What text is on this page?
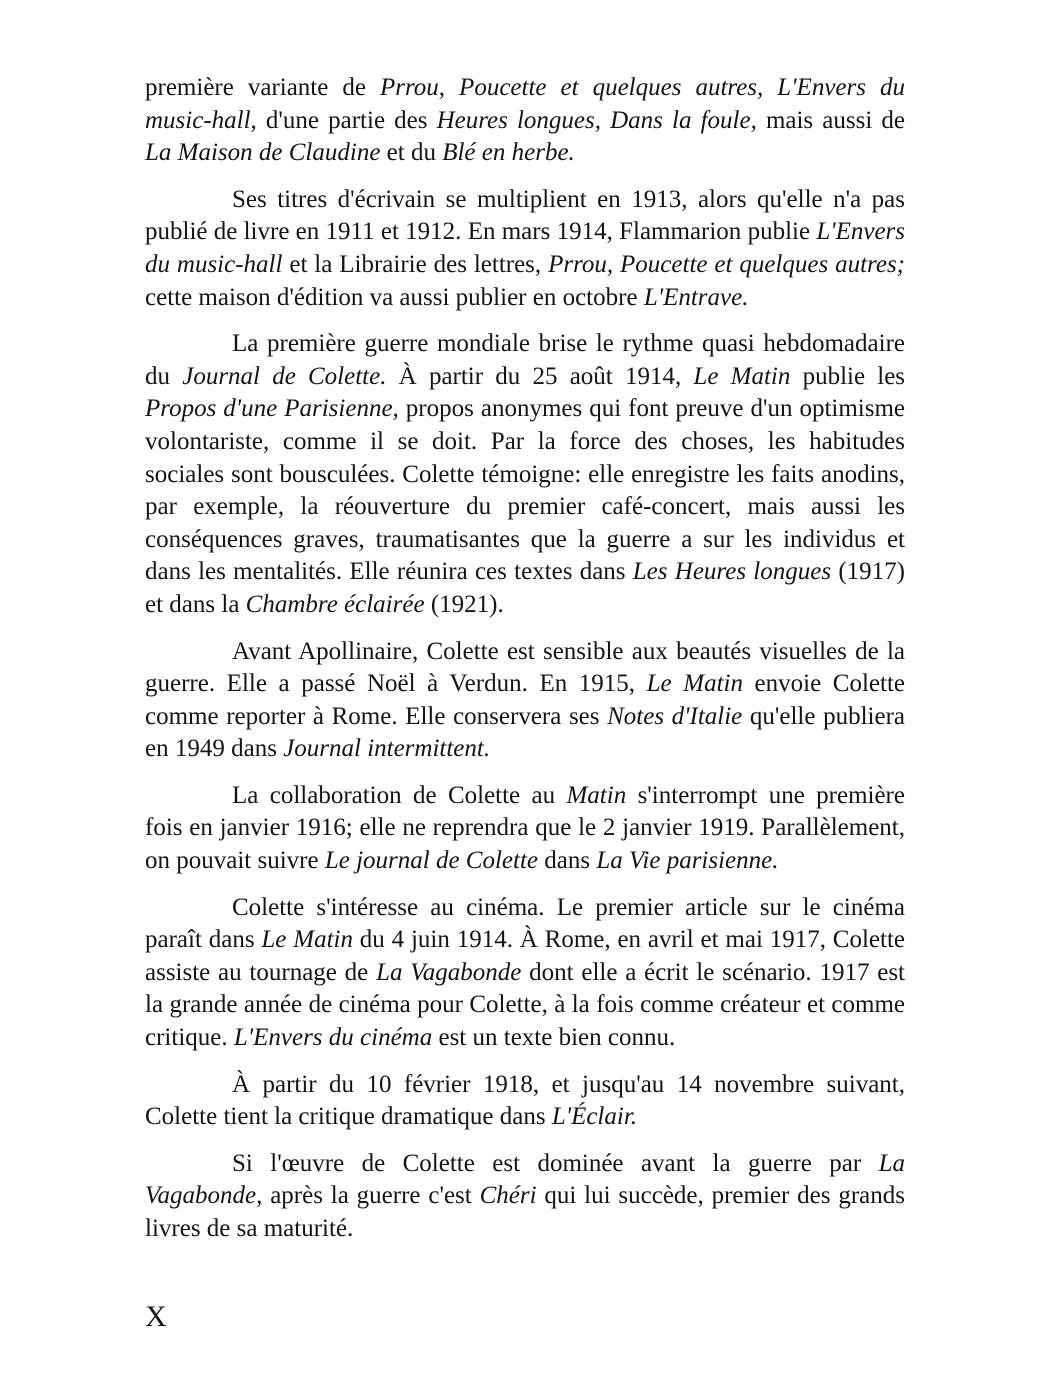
première variante de Prrou, Poucette et quelques autres, L'Envers du music-hall, d'une partie des Heures longues, Dans la foule, mais aussi de La Maison de Claudine et du Blé en herbe.

Ses titres d'écrivain se multiplient en 1913, alors qu'elle n'a pas publié de livre en 1911 et 1912. En mars 1914, Flammarion publie L'Envers du music-hall et la Librairie des lettres, Prrou, Poucette et quelques autres; cette maison d'édition va aussi publier en octobre L'Entrave.

La première guerre mondiale brise le rythme quasi hebdomadaire du Journal de Colette. À partir du 25 août 1914, Le Matin publie les Propos d'une Parisienne, propos anonymes qui font preuve d'un optimisme volontariste, comme il se doit. Par la force des choses, les habitudes sociales sont bousculées. Colette témoigne: elle enregistre les faits anodins, par exemple, la réouverture du premier café-concert, mais aussi les conséquences graves, traumatisantes que la guerre a sur les individus et dans les mentalités. Elle réunira ces textes dans Les Heures longues (1917) et dans la Chambre éclairée (1921).

Avant Apollinaire, Colette est sensible aux beautés visuelles de la guerre. Elle a passé Noël à Verdun. En 1915, Le Matin envoie Colette comme reporter à Rome. Elle conservera ses Notes d'Italie qu'elle publiera en 1949 dans Journal intermittent.

La collaboration de Colette au Matin s'interrompt une première fois en janvier 1916; elle ne reprendra que le 2 janvier 1919. Parallèlement, on pouvait suivre Le journal de Colette dans La Vie parisienne.

Colette s'intéresse au cinéma. Le premier article sur le cinéma paraît dans Le Matin du 4 juin 1914. À Rome, en avril et mai 1917, Colette assiste au tournage de La Vagabonde dont elle a écrit le scénario. 1917 est la grande année de cinéma pour Colette, à la fois comme créateur et comme critique. L'Envers du cinéma est un texte bien connu.

À partir du 10 février 1918, et jusqu'au 14 novembre suivant, Colette tient la critique dramatique dans L'Éclair.

Si l'œuvre de Colette est dominée avant la guerre par La Vagabonde, après la guerre c'est Chéri qui lui succède, premier des grands livres de sa maturité.

X
